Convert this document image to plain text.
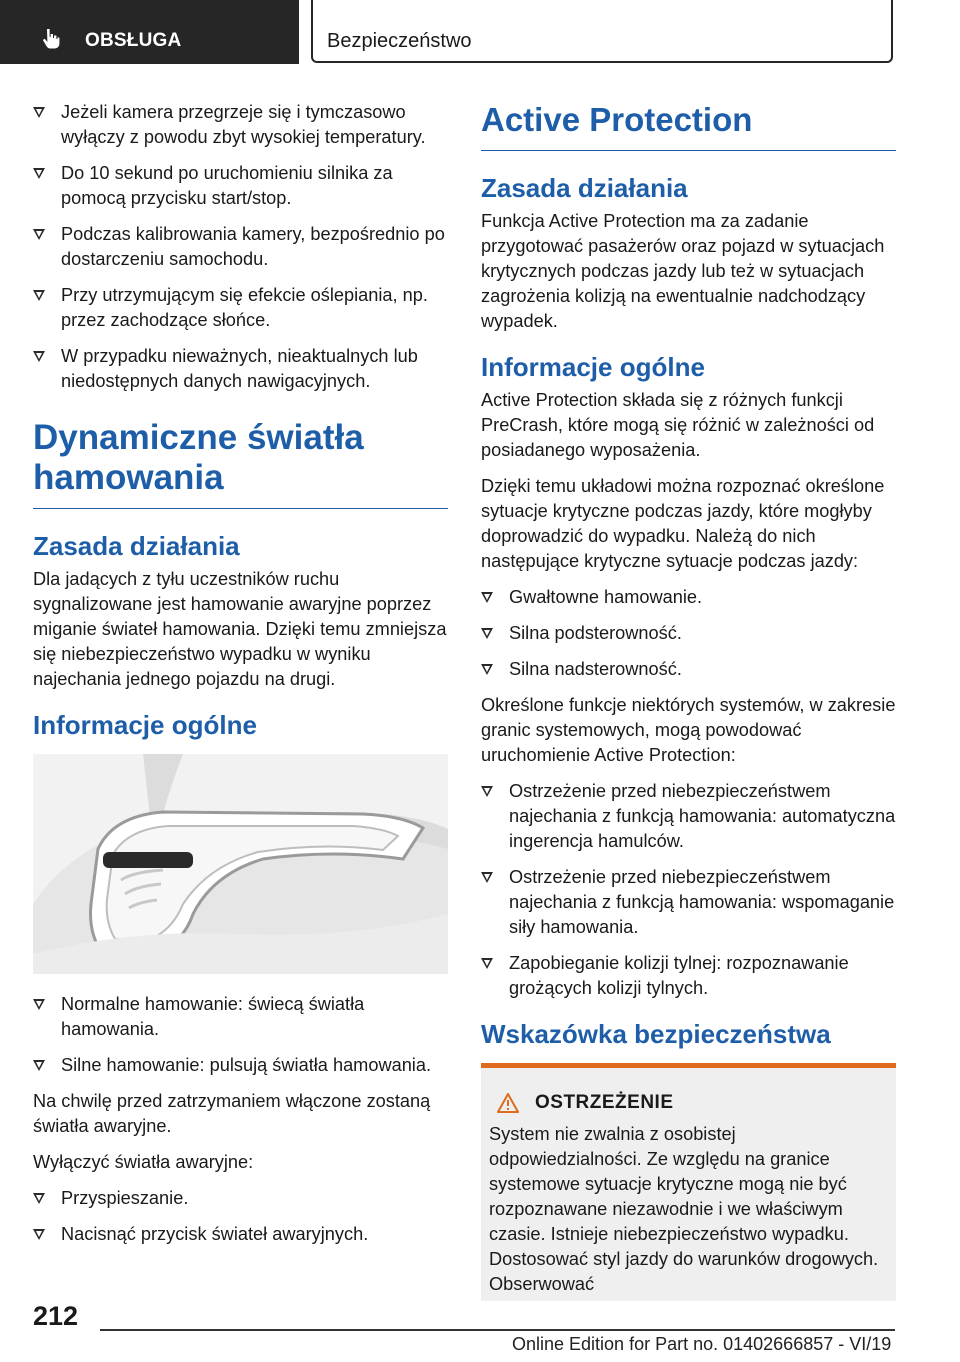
OBSŁUGA	Bezpieczeństwo
Jeżeli kamera przegrzeje się i tymczasowo wyłączy z powodu zbyt wysokiej temperatury.
Do 10 sekund po uruchomieniu silnika za pomocą przycisku start/stop.
Podczas kalibrowania kamery, bezpośrednio po dostarczeniu samochodu.
Przy utrzymującym się efekcie oślepiania, np. przez zachodzące słońce.
W przypadku nieważnych, nieaktualnych lub niedostępnych danych nawigacyjnych.
Dynamiczne światła hamowania
Zasada działania
Dla jadących z tyłu uczestników ruchu sygnalizowane jest hamowanie awaryjne poprzez miganie świateł hamowania. Dzięki temu zmniejsza się niebezpieczeństwo wypadku w wyniku najechania jednego pojazdu na drugi.
Informacje ogólne
Normalne hamowanie: świecą światła hamowania.
Silne hamowanie: pulsują światła hamowania.
Na chwilę przed zatrzymaniem włączone zostaną światła awaryjne.
Wyłączyć światła awaryjne:
Przyspieszanie.
Nacisnąć przycisk świateł awaryjnych.
Active Protection
Zasada działania
Funkcja Active Protection ma za zadanie przygotować pasażerów oraz pojazd w sytuacjach krytycznych podczas jazdy lub też w sytuacjach zagrożenia kolizją na ewentualnie nadchodzący wypadek.
Informacje ogólne
Active Protection składa się z różnych funkcji PreCrash, które mogą się różnić w zależności od posiadanego wyposażenia.
Dzięki temu układowi można rozpoznać określone sytuacje krytyczne podczas jazdy, które mogłyby doprowadzić do wypadku. Należą do nich następujące krytyczne sytuacje podczas jazdy:
Gwałtowne hamowanie.
Silna podsterowność.
Silna nadsterowność.
Określone funkcje niektórych systemów, w zakresie granic systemowych, mogą powodować uruchomienie Active Protection:
Ostrzeżenie przed niebezpieczeństwem najechania z funkcją hamowania: automatyczna ingerencja hamulców.
Ostrzeżenie przed niebezpieczeństwem najechania z funkcją hamowania: wspomaganie siły hamowania.
Zapobieganie kolizji tylnej: rozpoznawanie grożących kolizji tylnych.
Wskazówka bezpieczeństwa
OSTRZEŻENIE
System nie zwalnia z osobistej odpowiedzialności. Ze względu na granice systemowe sytuacje krytyczne mogą nie być rozpoznawane niezawodnie i we właściwym czasie. Istnieje niebezpieczeństwo wypadku. Dostosować styl jazdy do warunków drogowych. Obserwować
212
Online Edition for Part no. 01402666857 - VI/19
